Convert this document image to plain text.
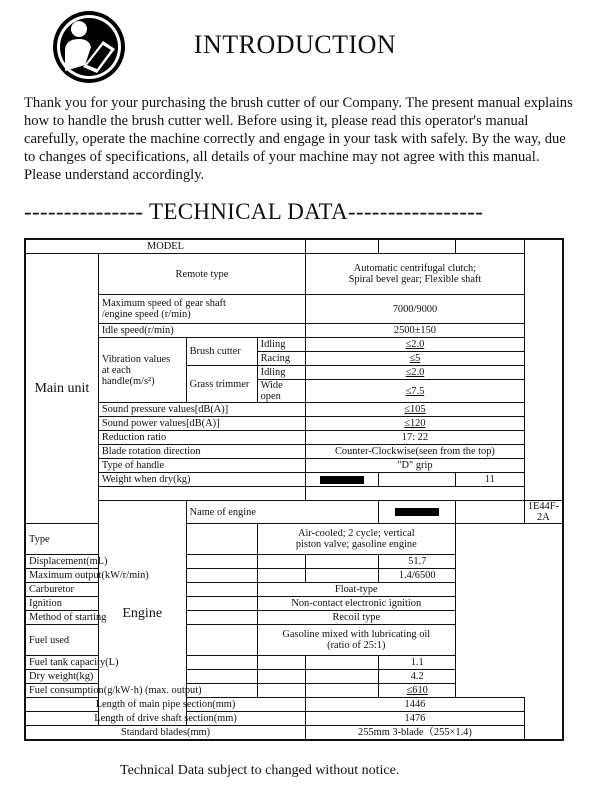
INTRODUCTION
Thank you for your purchasing the brush cutter of our Company. The present manual explains how to handle the brush cutter well. Before using it, please read this operator's manual carefully, operate the machine correctly and engage in your task with safely. By the way, due to changes of specifications, all details of your machine may not agree with this manual. Please understand accordingly.
--------------- TECHNICAL DATA-----------------
MODEL							
Main unit	Remote type			Automatic centrifugal clutch;
Spiral bevel gear; Flexible shaft			

	Maximum speed of gear shaft
/engine speed (r/min)			7000/9000			
	Idle speed(r/min)			2500±150			

	Vibration values
at each handle(m/s²)	Brush cutter	Idling	≤2.0			
			Racing	≤5			
		Grass trimmer	Idling	≤2.0			
			Wide open	≤7.5			
	Sound pressure values[dB(A)]			≤105			
	Sound power values[dB(A)]			≤120			
	Reduction ratio			17: 22			
	Blade rotation direction			Counter-Clockwise(seen from the top)			
	Type of handle			"D" grip			
	Weight when dry(kg)					11	

	Engine	Name of engine					1E44F-2A
Type			Air-cooled; 2 cycle; vertical
piston valve; gasoline engine				

Displacement(mL)					51.7		
Maximum output(kW/r/min)					1.4/6500		
Carburetor			Float-type				
Ignition			Non-contact electronic ignition				
Method of starting			Recoil type				
Fuel used			Gasoline mixed with lubricating oil
(ratio of 25:1)				

Fuel tank capacity(L)					1.1		
Dry weight(kg)					4.2		
Fuel consumption(g/kW·h) (max. output)					≤610		
Length of main pipe section(mm)				1446			
Length of drive shaft section(mm)				1476			
Standard blades(mm)				255mm 3-blade（255×1.4)			
Technical Data subject to changed without notice.
